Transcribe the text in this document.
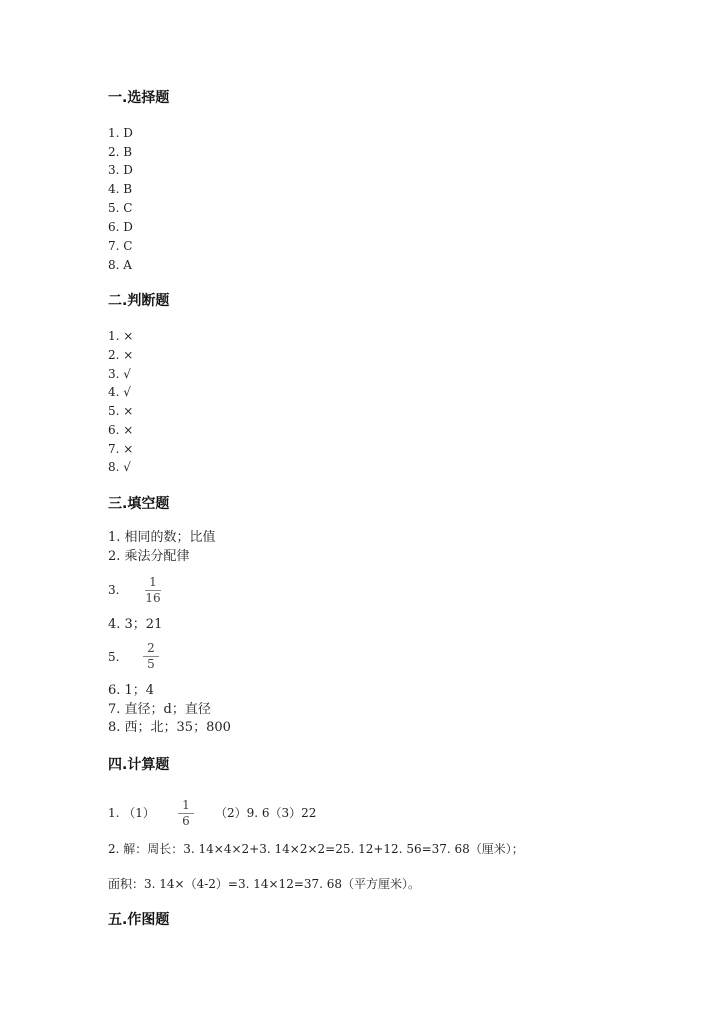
一.选择题
1. D
2. B
3. D
4. B
5. C
6. D
7. C
8. A
二.判断题
1. ×
2. ×
3. √
4. √
5. ×
6. ×
7. ×
8. √
三.填空题
1. 相同的数；比值
2. 乘法分配律
3.
1
16
4. 3；21
5.
2
5
6. 1；4
7. 直径；d；直径
8. 西；北；35；800
四.计算题
1. （1）
1
6
（2）9. 6（3）22
2. 解：周长：3. 14×4×2+3. 14×2×2=25. 12+12. 56=37. 68（厘米）；
面积：3. 14×（4-2）=3. 14×12=37. 68（平方厘米）。
五.作图题
